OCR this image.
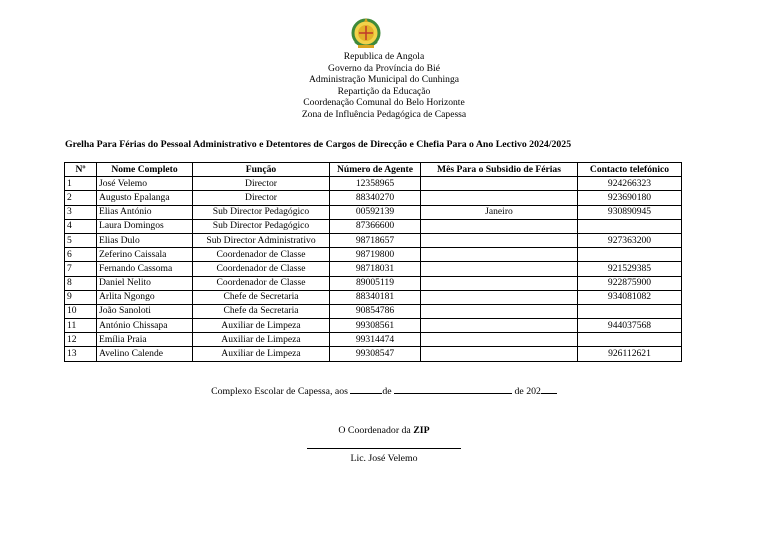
Republica de Angola
Governo da Província do Bié
Administração Municipal do Cunhinga
Repartição da Educação
Coordenação Comunal do Belo Horizonte
Zona de Influência Pedagógica de Capessa
Grelha Para Férias do Pessoal Administrativo e Detentores de Cargos de Direcção e Chefia Para o Ano Lectivo 2024/2025
Nº	Nome Completo	Função	Número de Agente	Mês Para o Subsidio de Férias	Contacto telefónico
1	José Velemo	Director	12358965		924266323
2	Augusto Epalanga	Director	88340270		923690180
3	Elias António	Sub Director Pedagógico	00592139	Janeiro	930890945
4	Laura Domingos	Sub Director Pedagógico	87366600		
5	Elias Dulo	Sub Director Administrativo	98718657		927363200
6	Zeferino Caissala	Coordenador de Classe	98719800		
7	Fernando Cassoma	Coordenador de Classe	98718031		921529385
8	Daniel Nelito	Coordenador de Classe	89005119		922875900
9	Arlita Ngongo	Chefe de Secretaria	88340181		934081082
10	João Sanoloti	Chefe da Secretaria	90854786		
11	António Chissapa	Auxiliar de Limpeza	99308561		944037568
12	Emília Praia	Auxiliar de Limpeza	99314474		
13	Avelino Calende	Auxiliar de Limpeza	99308547		926112621
Complexo Escolar de Capessa, aos	de	de 202
O Coordenador da ZIP
Lic. José Velemo
